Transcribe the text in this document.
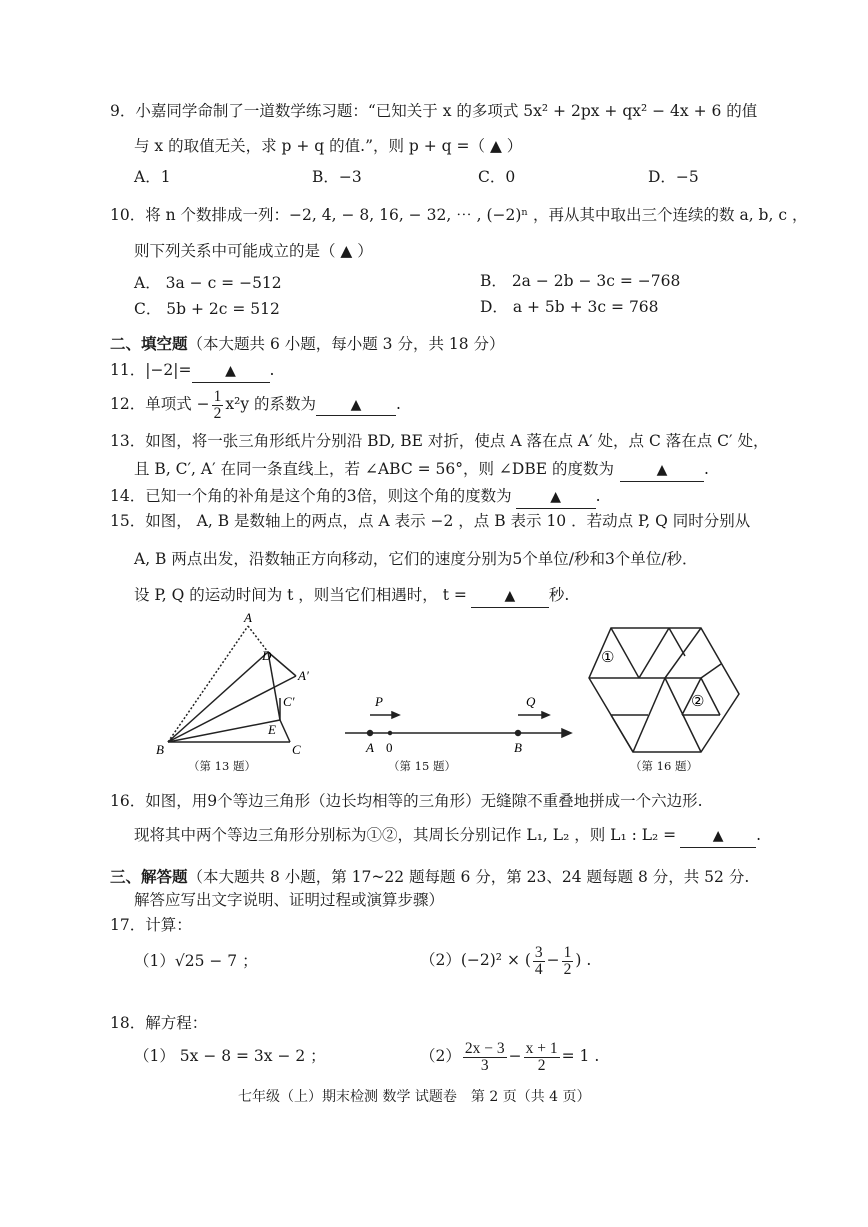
9．小嘉同学命制了一道数学练习题：“已知关于 x 的多项式 5x² + 2px + qx² − 4x + 6 的值
与 x 的取值无关，求 p + q 的值.”，则 p + q =（ ▲ ）
A．1	B．−3	C．0	D．−5
10．将 n 个数排成一列：−2, 4, − 8, 16, − 32, ⋯ , (−2)ⁿ ，再从其中取出三个连续的数 a, b, c ，
则下列关系中可能成立的是（ ▲ ）
A． 3a − c = −512	B． 2a − 2b − 3c = −768
C． 5b + 2c = 512	D． a + 5b + 3c = 768
二、填空题（本大题共 6 小题，每小题 3 分，共 18 分）
11．|−2|= ▲ .
12．单项式 − $\frac{1}{2} x^2y$ 的系数为 ▲ .
13．如图，将一张三角形纸片分别沿 BD, BE 对折，使点 A 落在点 A′ 处，点 C 落在点 C′ 处，
且 B, C′, A′ 在同一条直线上，若 ∠ABC = 56°，则 ∠DBE 的度数为	▲ .
14．已知一个角的补角是这个角的3倍，则这个角的度数为	▲ .
15．如图， A, B 是数轴上的两点，点 A 表示 −2 ，点 B 表示 10 ．若动点 P, Q 同时分别从
A, B 两点出发，沿数轴正方向移动，它们的速度分别为5个单位/秒和3个单位/秒．
设 P, Q 的运动时间为 t ，则当它们相遇时， t =	▲ 秒.
A
D
A′
C′
E
B	C
（第 13 题）
P	Q
A 0	B
（第 15 题）
①
②
（第 16 题）
16．如图，用9个等边三角形（边长均相等的三角形）无缝隙不重叠地拼成一个六边形.
现将其中两个等边三角形分别标为①②，其周长分别记作 L₁, L₂ ，则 L₁ : L₂ =	▲ .
三、解答题（本大题共 8 小题，第 17~22 题每题 6 分，第 23、24 题每题 8 分，共 52 分.
解答应写出文字说明、证明过程或演算步骤）
17．计算：
（1）√25 − 7 ；	（2）(−2)² × ( $\frac{3}{4} - \frac{1}{2}$ ) .
18．解方程：
（1） 5x − 8 = 3x − 2 ；	$(2) \frac{2x - 3}{3} - \frac{x + 1}{2} = 1$ .
七年级（上）期末检测 数学 试题卷　第 2 页（共 4 页）
